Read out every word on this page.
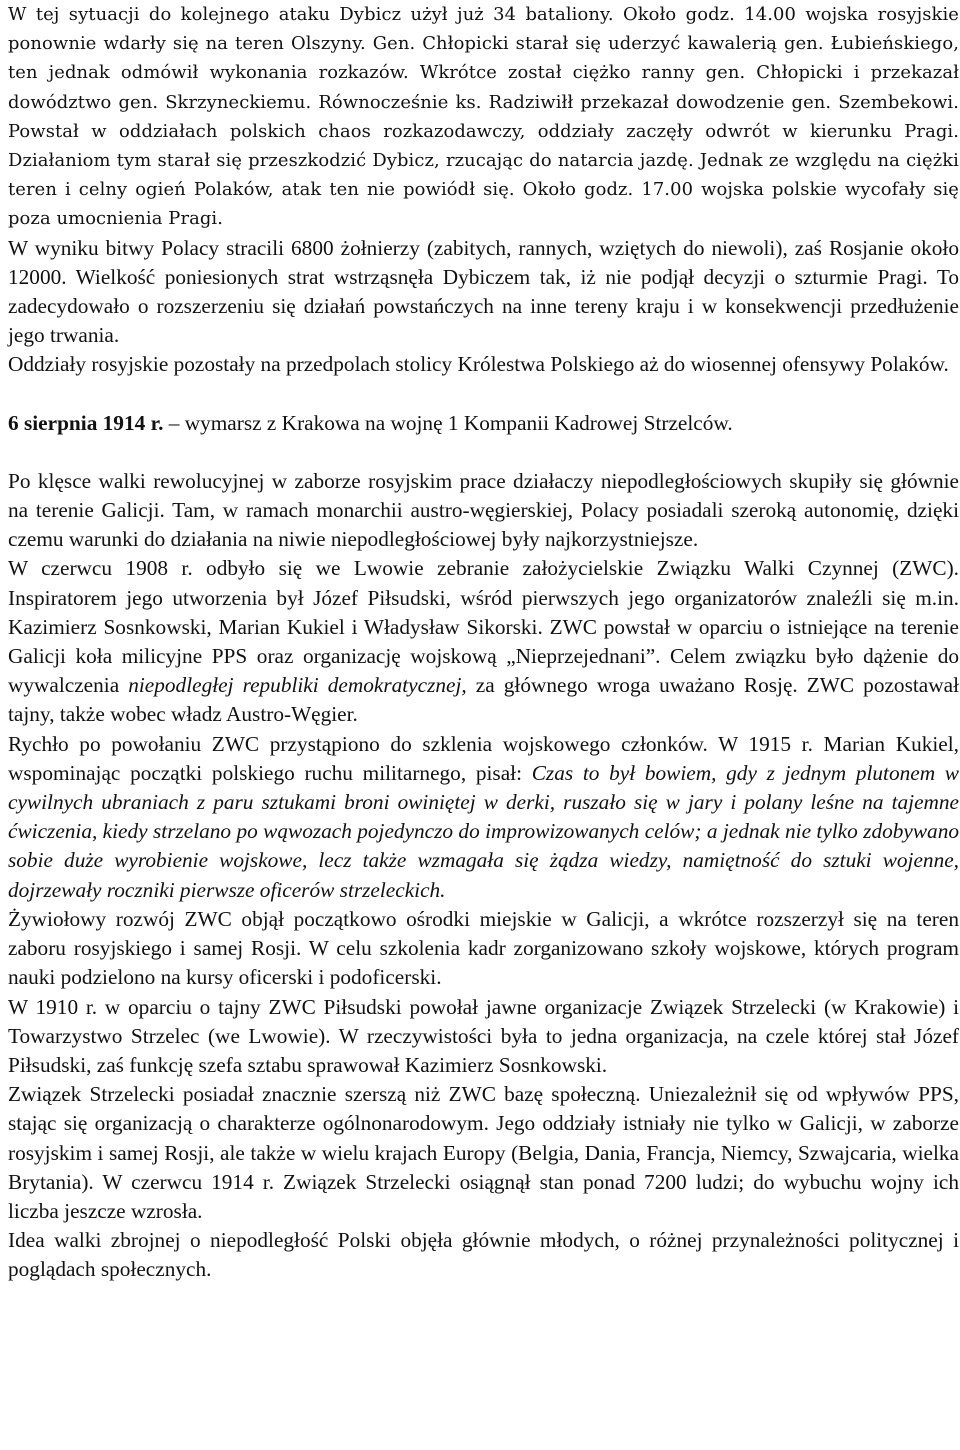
W tej sytuacji do kolejnego ataku Dybicz użył już 34 bataliony. Około godz. 14.00 wojska rosyjskie ponownie wdarły się na teren Olszyny. Gen. Chłopicki starał się uderzyć kawalerią gen. Łubieńskiego, ten jednak odmówił wykonania rozkazów. Wkrótce został ciężko ranny gen. Chłopicki i przekazał dowództwo gen. Skrzyneckiemu. Równocześnie ks. Radziwiłł przekazał dowodzenie gen. Szembekowi. Powstał w oddziałach polskich chaos rozkazodawczy, oddziały zaczęły odwrót w kierunku Pragi. Działaniom tym starał się przeszkodzić Dybicz, rzucając do natarcia jazdę. Jednak ze względu na ciężki teren i celny ogień Polaków, atak ten nie powiódł się. Około godz. 17.00 wojska polskie wycofały się poza umocnienia Pragi.

W wyniku bitwy Polacy stracili 6800 żołnierzy (zabitych, rannych, wziętych do niewoli), zaś Rosjanie około 12000. Wielkość poniesionych strat wstrząsnęła Dybiczem tak, iż nie podjął decyzji o szturmie Pragi. To zadecydowało o rozszerzeniu się działań powstańczych na inne tereny kraju i w konsekwencji przedłużenie jego trwania.

Oddziały rosyjskie pozostały na przedpolach stolicy Królestwa Polskiego aż do wiosennej ofensywy Polaków.

6 sierpnia 1914 r. – wymarsz z Krakowa na wojnę 1 Kompanii Kadrowej Strzelców.

Po klęsce walki rewolucyjnej w zaborze rosyjskim prace działaczy niepodległościowych skupiły się głównie na terenie Galicji. Tam, w ramach monarchii austro-węgierskiej, Polacy posiadali szeroką autonomię, dzięki czemu warunki do działania na niwie niepodległościowej były najkorzystniejsze.

W czerwcu 1908 r. odbyło się we Lwowie zebranie założycielskie Związku Walki Czynnej (ZWC). Inspiratorem jego utworzenia był Józef Piłsudski, wśród pierwszych jego organizatorów znaleźli się m.in. Kazimierz Sosnkowski, Marian Kukiel i Władysław Sikorski. ZWC powstał w oparciu o istniejące na terenie Galicji koła milicyjne PPS oraz organizację wojskową „Nieprzejednani”. Celem związku było dążenie do wywalczenia niepodległej republiki demokratycznej, za głównego wroga uważano Rosję. ZWC pozostawał tajny, także wobec władz Austro-Węgier.

Rychło po powołaniu ZWC przystąpiono do szklenia wojskowego członków. W 1915 r. Marian Kukiel, wspominając początki polskiego ruchu militarnego, pisał: Czas to był bowiem, gdy z jednym plutonem w cywilnych ubraniach z paru sztukami broni owiniętej w derki, ruszało się w jary i polany leśne na tajemne ćwiczenia, kiedy strzelano po wąwozach pojedynczo do improwizowanych celów; a jednak nie tylko zdobywano sobie duże wyrobienie wojskowe, lecz także wzmagała się żądza wiedzy, namiętność do sztuki wojenne, dojrzewały roczniki pierwsze oficerów strzeleckich.

Żywiołowy rozwój ZWC objął początkowo ośrodki miejskie w Galicji, a wkrótce rozszerzył się na teren zaboru rosyjskiego i samej Rosji. W celu szkolenia kadr zorganizowano szkoły wojskowe, których program nauki podzielono na kursy oficerski i podoficerski.

W 1910 r. w oparciu o tajny ZWC Piłsudski powołał jawne organizacje Związek Strzelecki (w Krakowie) i Towarzystwo Strzelec (we Lwowie). W rzeczywistości była to jedna organizacja, na czele której stał Józef Piłsudski, zaś funkcję szefa sztabu sprawował Kazimierz Sosnkowski.

Związek Strzelecki posiadał znacznie szerszą niż ZWC bazę społeczną. Uniezależnił się od wpływów PPS, stając się organizacją o charakterze ogólnonarodowym. Jego oddziały istniały nie tylko w Galicji, w zaborze rosyjskim i samej Rosji, ale także w wielu krajach Europy (Belgia, Dania, Francja, Niemcy, Szwajcaria, wielka Brytania). W czerwcu 1914 r. Związek Strzelecki osiągnął stan ponad 7200 ludzi; do wybuchu wojny ich liczba jeszcze wzrosła.

Idea walki zbrojnej o niepodległość Polski objęła głównie młodych, o różnej przynależności politycznej i poglądach społecznych.
